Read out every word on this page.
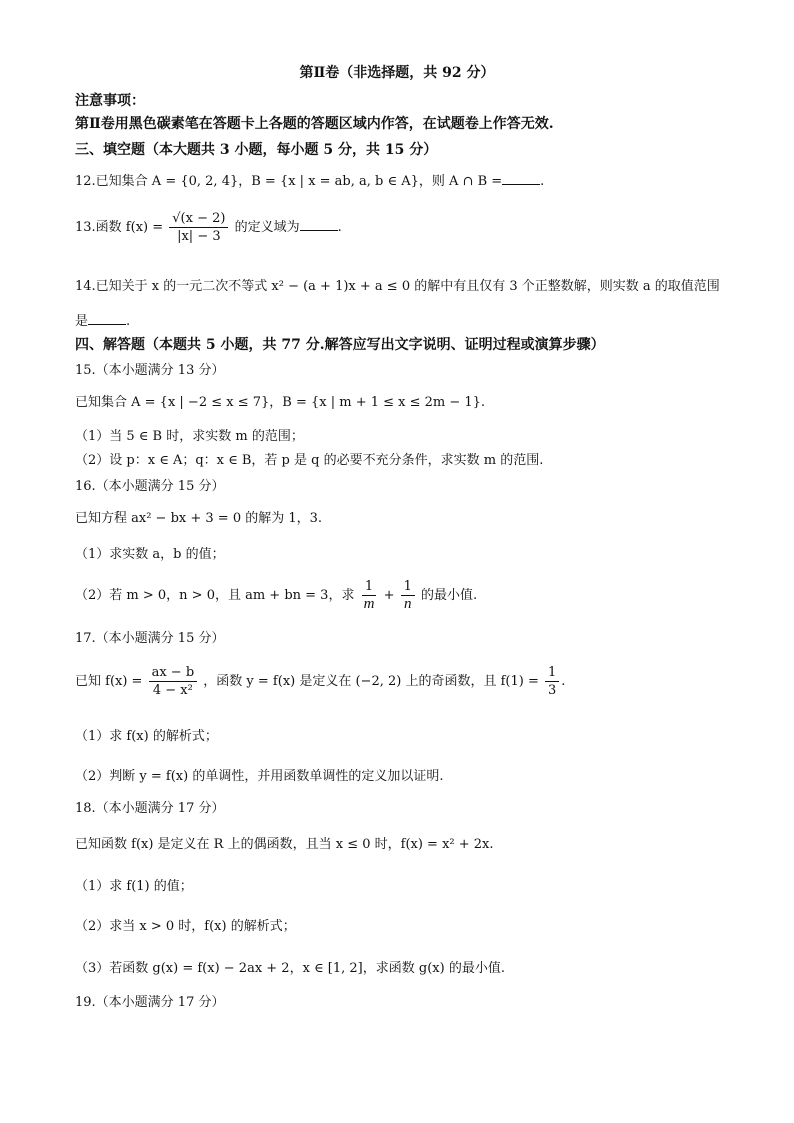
第Ⅱ卷（非选择题，共 92 分）
注意事项：
第Ⅱ卷用黑色碳素笔在答题卡上各题的答题区域内作答，在试题卷上作答无效.
三、填空题（本大题共 3 小题，每小题 5 分，共 15 分）
12.已知集合 A = {0, 2, 4}，B = {x | x = ab, a, b ∈ A}，则 A ∩ B =	.
13.函数 $f(x) = \frac{√(x - 2)}{|x| - 3}$ 的定义域为	.
14.已知关于 x 的一元二次不等式 x² − (a + 1)x + a ≤ 0 的解中有且仅有 3 个正整数解，则实数 a 的取值范围
是	.
四、解答题（本题共 5 小题，共 77 分.解答应写出文字说明、证明过程或演算步骤）
15.（本小题满分 13 分）
已知集合 A = {x | −2 ≤ x ≤ 7}，B = {x | m + 1 ≤ x ≤ 2m − 1}.
（1）当 5 ∈ B 时，求实数 m 的范围；
（2）设 p：x ∈ A；q：x ∈ B，若 p 是 q 的必要不充分条件，求实数 m 的范围.
16.（本小题满分 15 分）
已知方程 ax² − bx + 3 = 0 的解为 1，3.
（1）求实数 a，b 的值；
（2）若 m > 0，n > 0，且 am + bn = 3，求 $\frac{1}{m} + \frac{1}{n}$ 的最小值.
17.（本小题满分 15 分）
已知 $f(x) = \frac{ax - b}{\text{4 − x²}}$ ，函数 y = f(x) 是定义在 (−2, 2) 上的奇函数，且 $f(1) = \frac{1}{3}$ .
（1）求 f(x) 的解析式；
（2）判断 y = f(x) 的单调性，并用函数单调性的定义加以证明.
18.（本小题满分 17 分）
已知函数 f(x) 是定义在 R 上的偶函数，且当 x ≤ 0 时，f(x) = x² + 2x.
（1）求 f(1) 的值；
（2）求当 x > 0 时，f(x) 的解析式；
（3）若函数 g(x) = f(x) − 2ax + 2，x ∈ [1, 2]，求函数 g(x) 的最小值.
19.（本小题满分 17 分）
